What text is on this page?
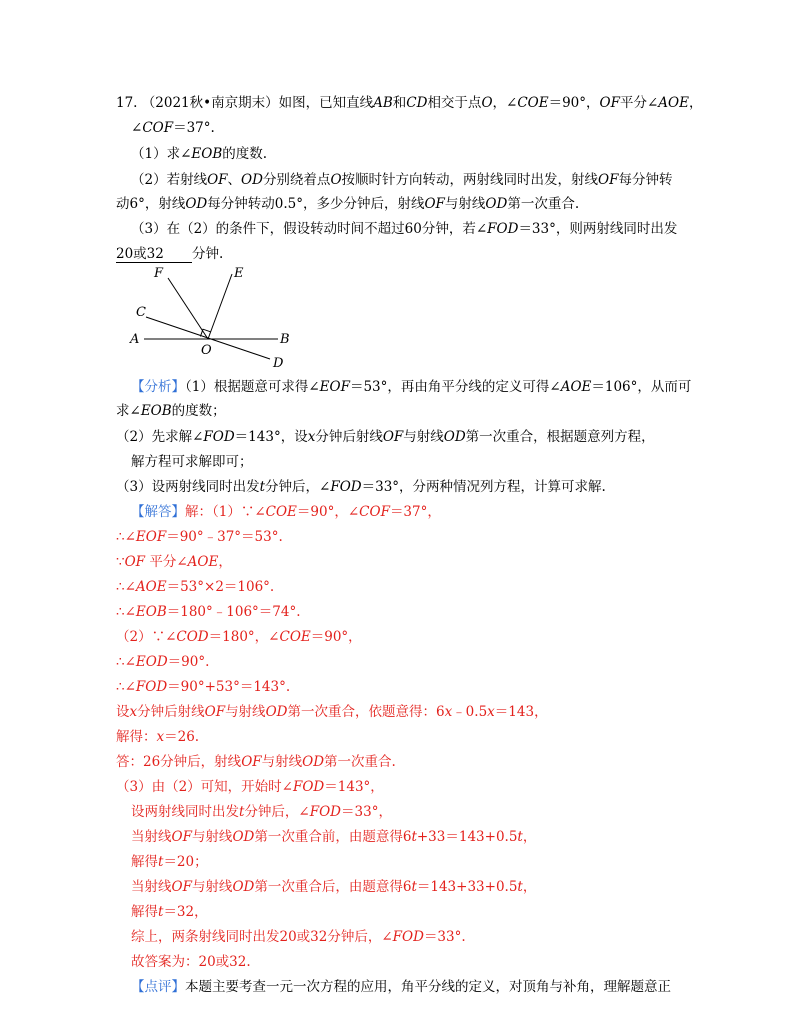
17. （2021秋•南京期末）如图，已知直线AB和CD相交于点O，∠COE＝90°，OF平分∠AOE，
∠COF＝37°.
（1）求∠EOB的度数.
（2）若射线OF、OD分别绕着点O按顺时针方向转动，两射线同时出发，射线OF每分钟转
动6°，射线OD每分钟转动0.5°，多少分钟后，射线OF与射线OD第一次重合.
（3）在（2）的条件下，假设转动时间不超过60分钟，若∠FOD＝33°，则两射线同时出发
20或32 分钟.
F	E
C
A
O
B
D
【分析】（1）根据题意可求得∠EOF＝53°，再由角平分线的定义可得∠AOE＝106°，从而可
求∠EOB的度数；
（2）先求解∠FOD＝143°，设x分钟后射线OF与射线OD第一次重合，根据题意列方程，
解方程可求解即可；
（3）设两射线同时出发t分钟后，∠FOD＝33°，分两种情况列方程，计算可求解.
【解答】解：（1）∵∠COE＝90°，∠COF＝37°，
∴∠EOF＝90°﹣37°＝53°.
∵OF 平分∠AOE，
∴∠AOE＝53°×2＝106°.
∴∠EOB＝180°﹣106°＝74°.
（2）∵∠COD＝180°，∠COE＝90°，
∴∠EOD＝90°.
∴∠FOD＝90°+53°＝143°.
设x分钟后射线OF与射线OD第一次重合，依题意得：6x﹣0.5x＝143，
解得：x＝26.
答：26分钟后，射线OF与射线OD第一次重合.
（3）由（2）可知，开始时∠FOD＝143°，
设两射线同时出发t分钟后，∠FOD＝33°，
当射线OF与射线OD第一次重合前，由题意得6t+33＝143+0.5t，
解得t＝20；
当射线OF与射线OD第一次重合后，由题意得6t＝143+33+0.5t，
解得t＝32，
综上，两条射线同时出发20或32分钟后，∠FOD＝33°.
故答案为：20或32.
【点评】本题主要考查一元一次方程的应用，角平分线的定义，对顶角与补角，理解题意正
